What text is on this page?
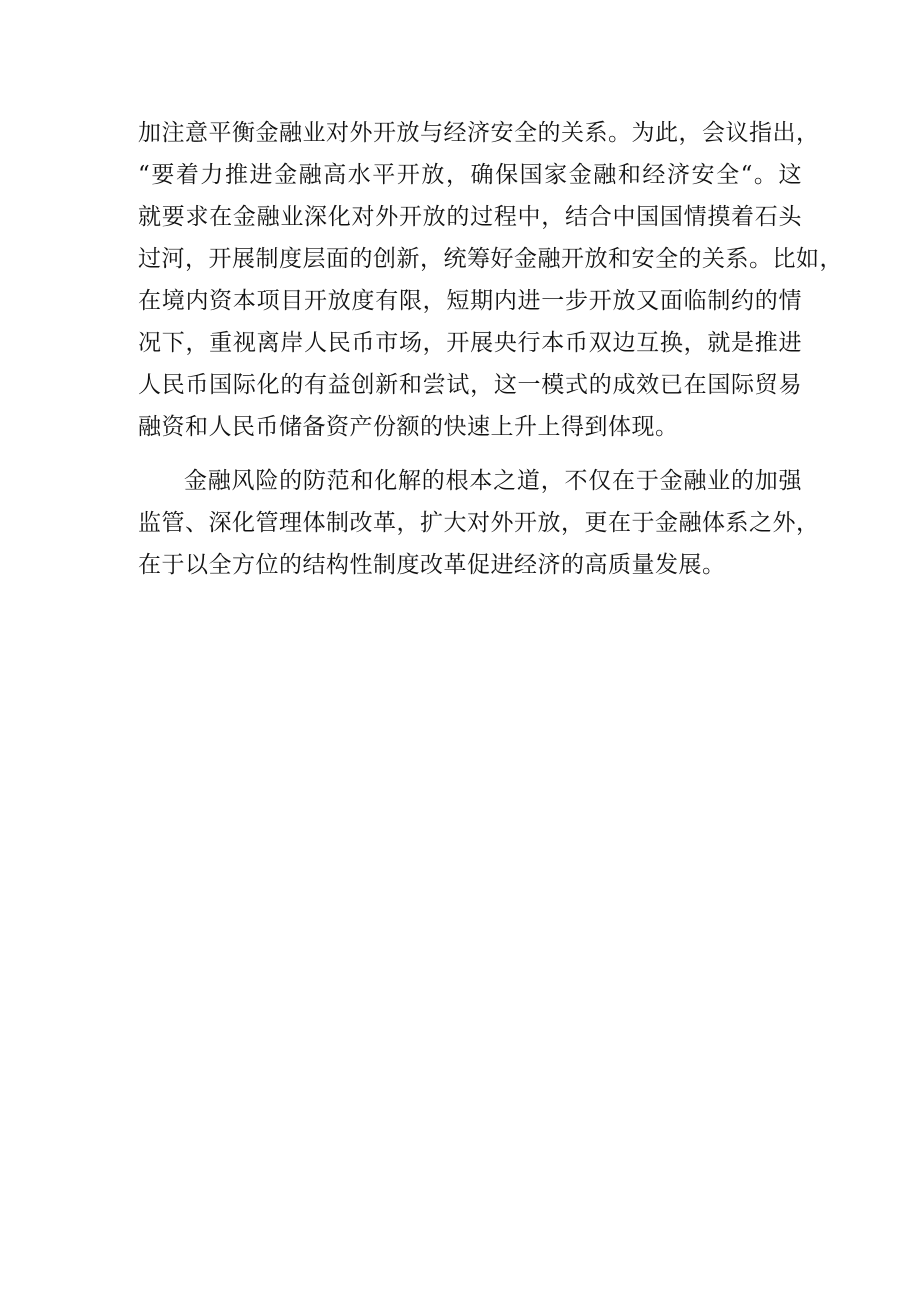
加注意平衡金融业对外开放与经济安全的关系。为此，会议指出，
“要着力推进金融高水平开放，确保国家金融和经济安全“。这
就要求在金融业深化对外开放的过程中，结合中国国情摸着石头
过河，开展制度层面的创新，统筹好金融开放和安全的关系。比如，
在境内资本项目开放度有限，短期内进一步开放又面临制约的情
况下，重视离岸人民币市场，开展央行本币双边互换，就是推进
人民币国际化的有益创新和尝试，这一模式的成效已在国际贸易
融资和人民币储备资产份额的快速上升上得到体现。
金融风险的防范和化解的根本之道，不仅在于金融业的加强
监管、深化管理体制改革，扩大对外开放，更在于金融体系之外，
在于以全方位的结构性制度改革促进经济的高质量发展。
